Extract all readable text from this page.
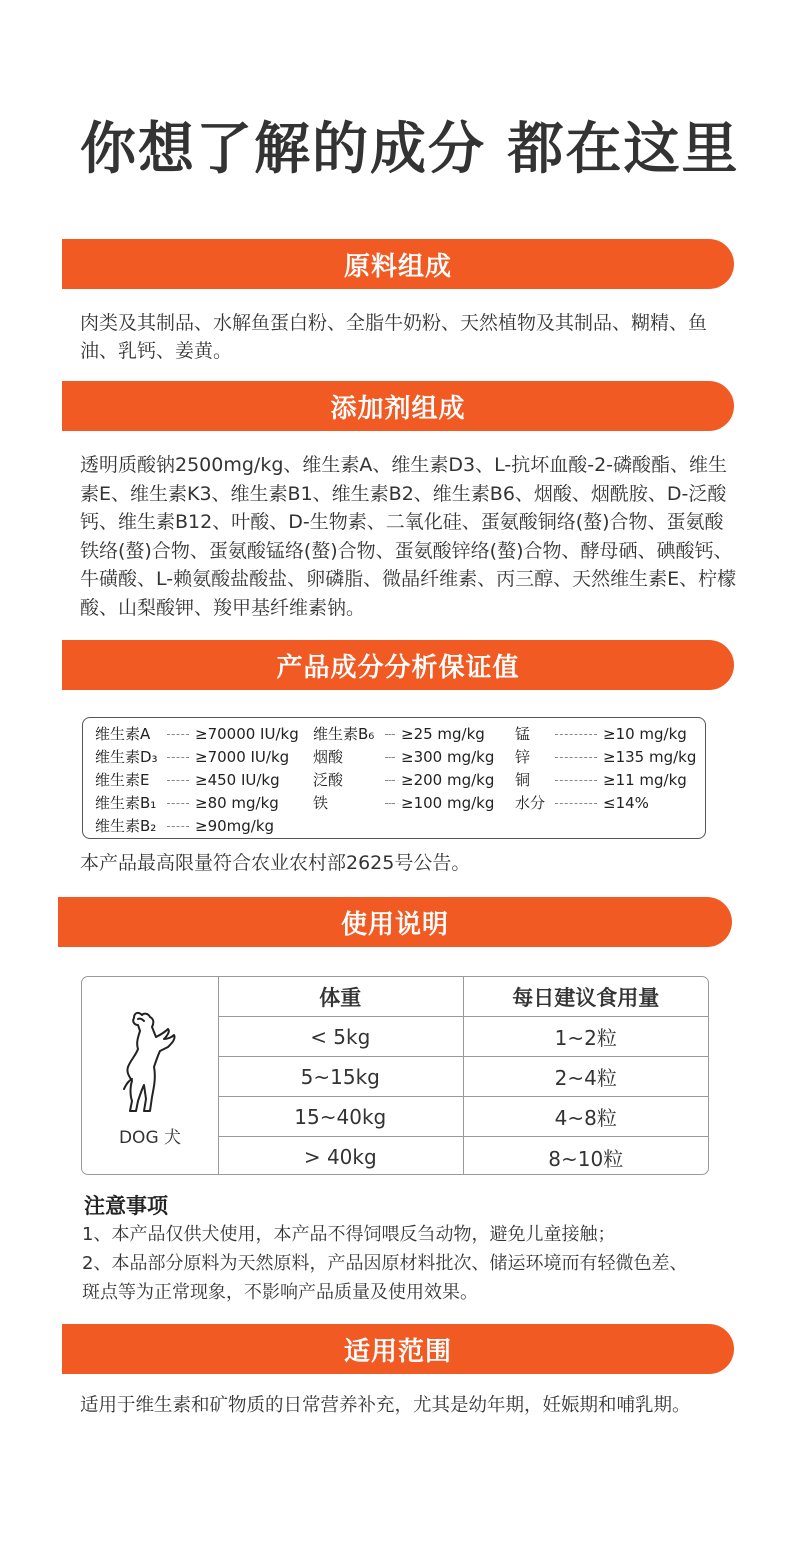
你想了解的成分 都在这里
原料组成
肉类及其制品、水解鱼蛋白粉、全脂牛奶粉、天然植物及其制品、糊精、鱼油、乳钙、姜黄。
添加剂组成
透明质酸钠2500mg/kg、维生素A、维生素D3、L-抗坏血酸-2-磷酸酯、维生素E、维生素K3、维生素B1、维生素B2、维生素B6、烟酸、烟酰胺、D-泛酸钙、维生素B12、叶酸、D-生物素、二氧化硅、蛋氨酸铜络(螯)合物、蛋氨酸铁络(螯)合物、蛋氨酸锰络(螯)合物、蛋氨酸锌络(螯)合物、酵母硒、碘酸钙、牛磺酸、L-赖氨酸盐酸盐、卵磷脂、微晶纤维素、丙三醇、天然维生素E、柠檬酸、山梨酸钾、羧甲基纤维素钠。
产品成分分析保证值
维生素A	≥70000 IU/kg
维生素D₃ ≥7000 IU/kg
维生素E	≥450 IU/kg
维生素B₁	≥80 mg/kg
维生素B₂	≥90mg/kg
维生素B₆	≥25 mg/kg
烟酸	≥300 mg/kg
泛酸	≥200 mg/kg
铁	≥100 mg/kg
锰	≥10 mg/kg
锌	≥135 mg/kg
铜	≥11 mg/kg
水分	≤14%
本产品最高限量符合农业农村部2625号公告。
使用说明
DOG 犬
体重	每日建议食用量
< 5kg	1~2粒
5~15kg	2~4粒
15~40kg	4~8粒
> 40kg	8~10粒
注意事项
1、本产品仅供犬使用，本产品不得饲喂反刍动物，避免儿童接触；
2、本品部分原料为天然原料，产品因原材料批次、储运环境而有轻微色差、
斑点等为正常现象，不影响产品质量及使用效果。
适用范围
适用于维生素和矿物质的日常营养补充，尤其是幼年期，妊娠期和哺乳期。
